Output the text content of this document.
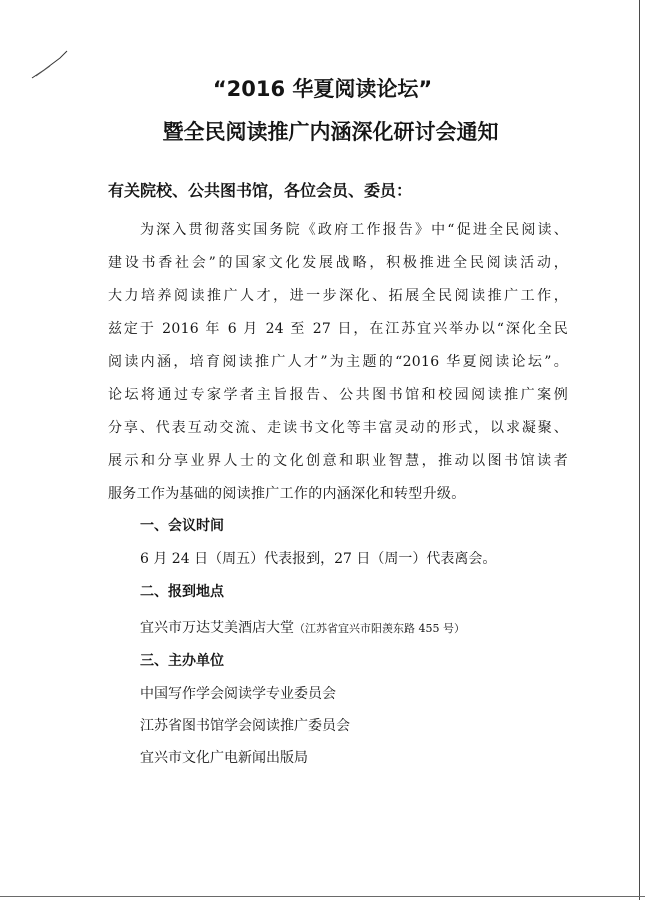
“2016 华夏阅读论坛”
暨全民阅读推广内涵深化研讨会通知
有关院校、公共图书馆，各位会员、委员：
为深入贯彻落实国务院《政府工作报告》中“促进全民阅读、
建设书香社会”的国家文化发展战略，积极推进全民阅读活动，
大力培养阅读推广人才，进一步深化、拓展全民阅读推广工作，
兹定于 2016 年 6 月 24 至 27 日，在江苏宜兴举办以“深化全民
阅读内涵，培育阅读推广人才”为主题的“2016 华夏阅读论坛”。
论坛将通过专家学者主旨报告、公共图书馆和校园阅读推广案例
分享、代表互动交流、走读书文化等丰富灵动的形式，以求凝聚、
展示和分享业界人士的文化创意和职业智慧，推动以图书馆读者
服务工作为基础的阅读推广工作的内涵深化和转型升级。
一、会议时间
6 月 24 日（周五）代表报到，27 日（周一）代表离会。
二、报到地点
宜兴市万达艾美酒店大堂（江苏省宜兴市阳羡东路 455 号）
三、主办单位
中国写作学会阅读学专业委员会
江苏省图书馆学会阅读推广委员会
宜兴市文化广电新闻出版局
